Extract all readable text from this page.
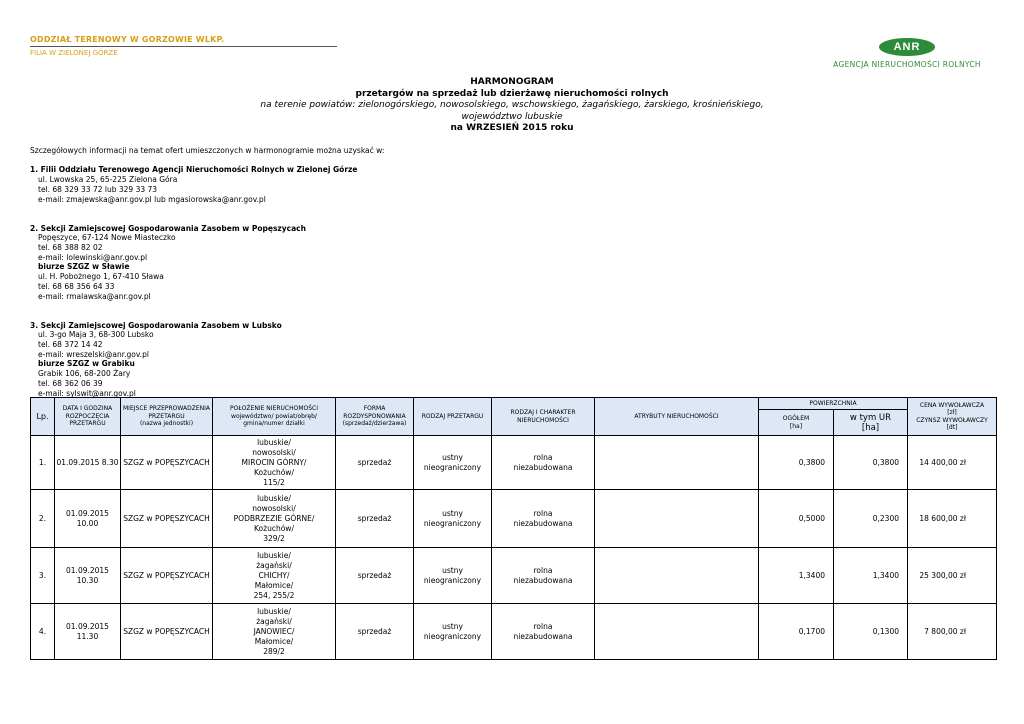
ODDZIAŁ TERENOWY W GORZOWIE WLKP.
FILIA W ZIELONEJ GÓRZE	ANR
AGENCJA NIERUCHOMOŚCI ROLNYCH
HARMONOGRAM
przetargów na sprzedaż lub dzierżawę nieruchomości rolnych
na terenie powiatów: zielonogórskiego, nowosolskiego, wschowskiego, żagańskiego, żarskiego, krośnieńskiego,
województwo lubuskie
na WRZESIEŃ 2015 roku

Szczegółowych informacji na temat ofert umieszczonych w harmonogramie można uzyskać w:

1. Filii Oddziału Terenowego Agencji Nieruchomości Rolnych w Zielonej Górze

ul. Lwowska 25, 65-225 Zielona Góra

tel. 68 329 33 72 lub 329 33 73

e-mail: zmajewska@anr.gov.pl lub mgasiorowska@anr.gov.pl

2. Sekcji Zamiejscowej Gospodarowania Zasobem w Popęszycach

Popęszyce, 67-124 Nowe Miasteczko

tel. 68 388 82 02

e-mail: lolewinski@anr.gov.pl

biurze SZGZ w Sławie

ul. H. Pobożnego 1, 67-410 Sława

tel. 68 68 356 64 33

e-mail: rmalawska@anr.gov.pl

3. Sekcji Zamiejscowej Gospodarowania Zasobem w Lubsko

ul. 3-go Maja 3, 68-300 Lubsko

tel. 68 372 14 42

e-mail: wreszelski@anr.gov.pl

biurze SZGZ w Grabiku

Grabik 106, 68-200 Żary

tel. 68 362 06 39

e-mail: sylswit@anr.gov.pl

Lp.	DATA I GODZINA ROZPOCZĘCIA PRZETARGU	MIEJSCE PRZEPROWADZENIA PRZETARGU
(nazwa jednostki)	POŁOŻENIE NIERUCHOMOŚCI
województwo/ powiat/obręb/ gmina/numer działki	FORMA ROZDYSPONOWANIA
(sprzedaż/dzierżawa)	RODZAJ PRZETARGU	RODZAJ I CHARAKTER NIERUCHOMOŚCI	ATRYBUTY NIERUCHOMOŚCI	POWIERZCHNIA		CENA WYWOŁAWCZA
[zł]
CZYNSZ WYWOŁAWCZY
[dt]
								OGÓŁEM
[ha]	w tym UR
[ha]	
1.	01.09.2015 8.30	SZGZ w POPĘSZYCACH	lubuskie/
nowosolski/
MIROCIN GÓRNY/
Kożuchów/
115/2	sprzedaż	ustny
nieograniczony	rolna
niezabudowana		0,3800	0,3800	14 400,00 zł
2.	01.09.2015
10.00	SZGZ w POPĘSZYCACH	lubuskie/
nowosolski/
PODBRZEZIE GÓRNE/
Kożuchów/
329/2	sprzedaż	ustny
nieograniczony	rolna
niezabudowana		0,5000	0,2300	18 600,00 zł
3.	01.09.2015
10.30	SZGZ w POPĘSZYCACH	lubuskie/
żagański/
CHICHY/
Małomice/
254, 255/2	sprzedaż	ustny
nieograniczony	rolna
niezabudowana		1,3400	1,3400	25 300,00 zł
4.	01.09.2015
11.30	SZGZ w POPĘSZYCACH	lubuskie/
żagański/
JANOWIEC/
Małomice/
289/2	sprzedaż	ustny
nieograniczony	rolna
niezabudowana		0,1700	0,1300	7 800,00 zł
